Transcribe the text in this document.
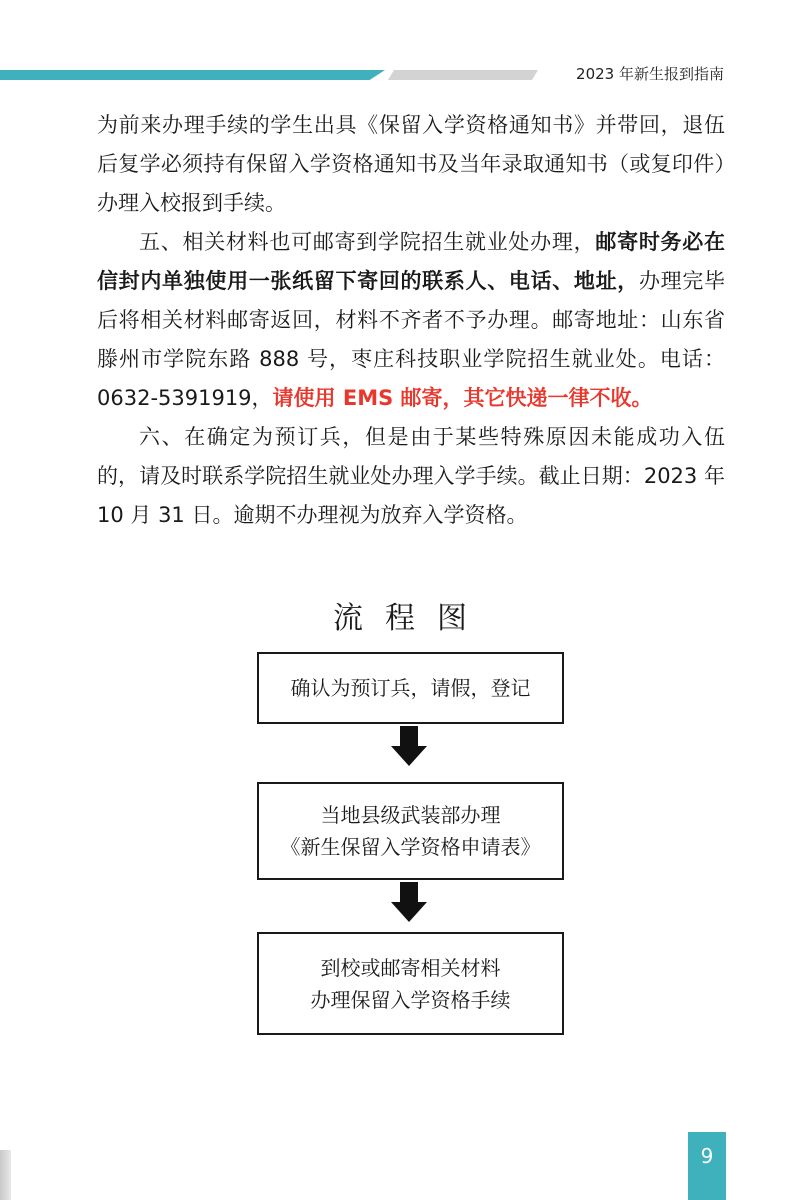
2023 年新生报到指南

为前来办理手续的学生出具《保留入学资格通知书》并带回，退伍后复学必须持有保留入学资格通知书及当年录取通知书（或复印件）办理入校报到手续。

五、相关材料也可邮寄到学院招生就业处办理，邮寄时务必在信封内单独使用一张纸留下寄回的联系人、电话、地址，办理完毕后将相关材料邮寄返回，材料不齐者不予办理。邮寄地址：山东省滕州市学院东路 888 号，枣庄科技职业学院招生就业处。电话：0632-5391919，请使用 EMS 邮寄，其它快递一律不收。

六、在确定为预订兵，但是由于某些特殊原因未能成功入伍的，请及时联系学院招生就业处办理入学手续。截止日期：2023 年 10 月 31 日。逾期不办理视为放弃入学资格。

流程图
确认为预订兵，请假，登记
当地县级武装部办理
《新生保留入学资格申请表》
到校或邮寄相关材料
办理保留入学资格手续
9
